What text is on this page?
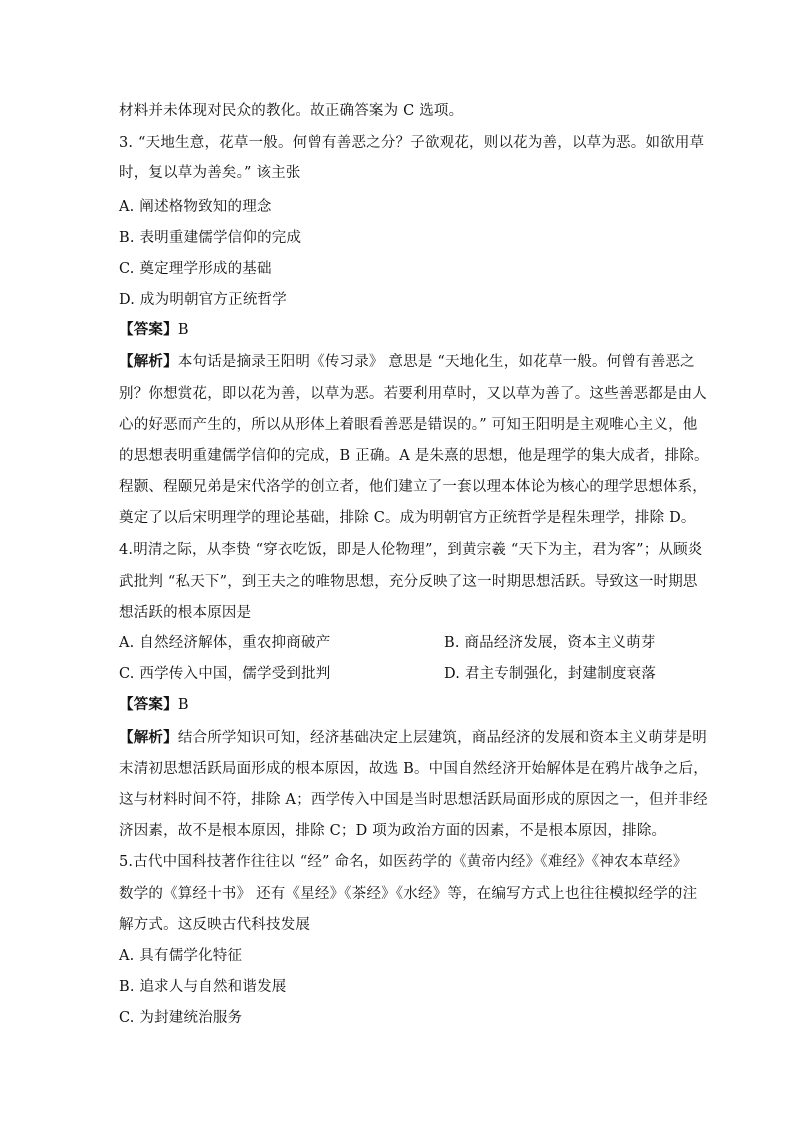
材料并未体现对民众的教化。故正确答案为 C 选项。
3. “天地生意，花草一般。何曾有善恶之分？子欲观花，则以花为善，以草为恶。如欲用草
时，复以草为善矣。” 该主张
A. 阐述格物致知的理念
B. 表明重建儒学信仰的完成
C. 奠定理学形成的基础
D. 成为明朝官方正统哲学
【答案】B
【解析】本句话是摘录王阳明《传习录》 意思是 “天地化生，如花草一般。何曾有善恶之
别？你想赏花，即以花为善，以草为恶。若要利用草时，又以草为善了。这些善恶都是由人
心的好恶而产生的，所以从形体上着眼看善恶是错误的。” 可知王阳明是主观唯心主义，他
的思想表明重建儒学信仰的完成，B 正确。A 是朱熹的思想，他是理学的集大成者，排除。
程颢、程颐兄弟是宋代洛学的创立者，他们建立了一套以理本体论为核心的理学思想体系，
奠定了以后宋明理学的理论基础，排除 C。成为明朝官方正统哲学是程朱理学，排除 D。
4.明清之际，从李贽 “穿衣吃饭，即是人伦物理”，到黄宗羲 “天下为主，君为客”；从顾炎
武批判 “私天下”，到王夫之的唯物思想，充分反映了这一时期思想活跃。导致这一时期思
想活跃的根本原因是
A. 自然经济解体，重农抑商破产	B. 商品经济发展，资本主义萌芽
C. 西学传入中国，儒学受到批判	D. 君主专制强化，封建制度衰落
【答案】B
【解析】结合所学知识可知，经济基础决定上层建筑，商品经济的发展和资本主义萌芽是明
末清初思想活跃局面形成的根本原因，故选 B。中国自然经济开始解体是在鸦片战争之后，
这与材料时间不符，排除 A；西学传入中国是当时思想活跃局面形成的原因之一，但并非经
济因素，故不是根本原因，排除 C；D 项为政治方面的因素，不是根本原因，排除。
5.古代中国科技著作往往以 “经” 命名，如医药学的《黄帝内经》《难经》《神农本草经》
数学的《算经十书》 还有《星经》《茶经》《水经》等，在编写方式上也往往模拟经学的注
解方式。这反映古代科技发展
A. 具有儒学化特征
B. 追求人与自然和谐发展
C. 为封建统治服务
